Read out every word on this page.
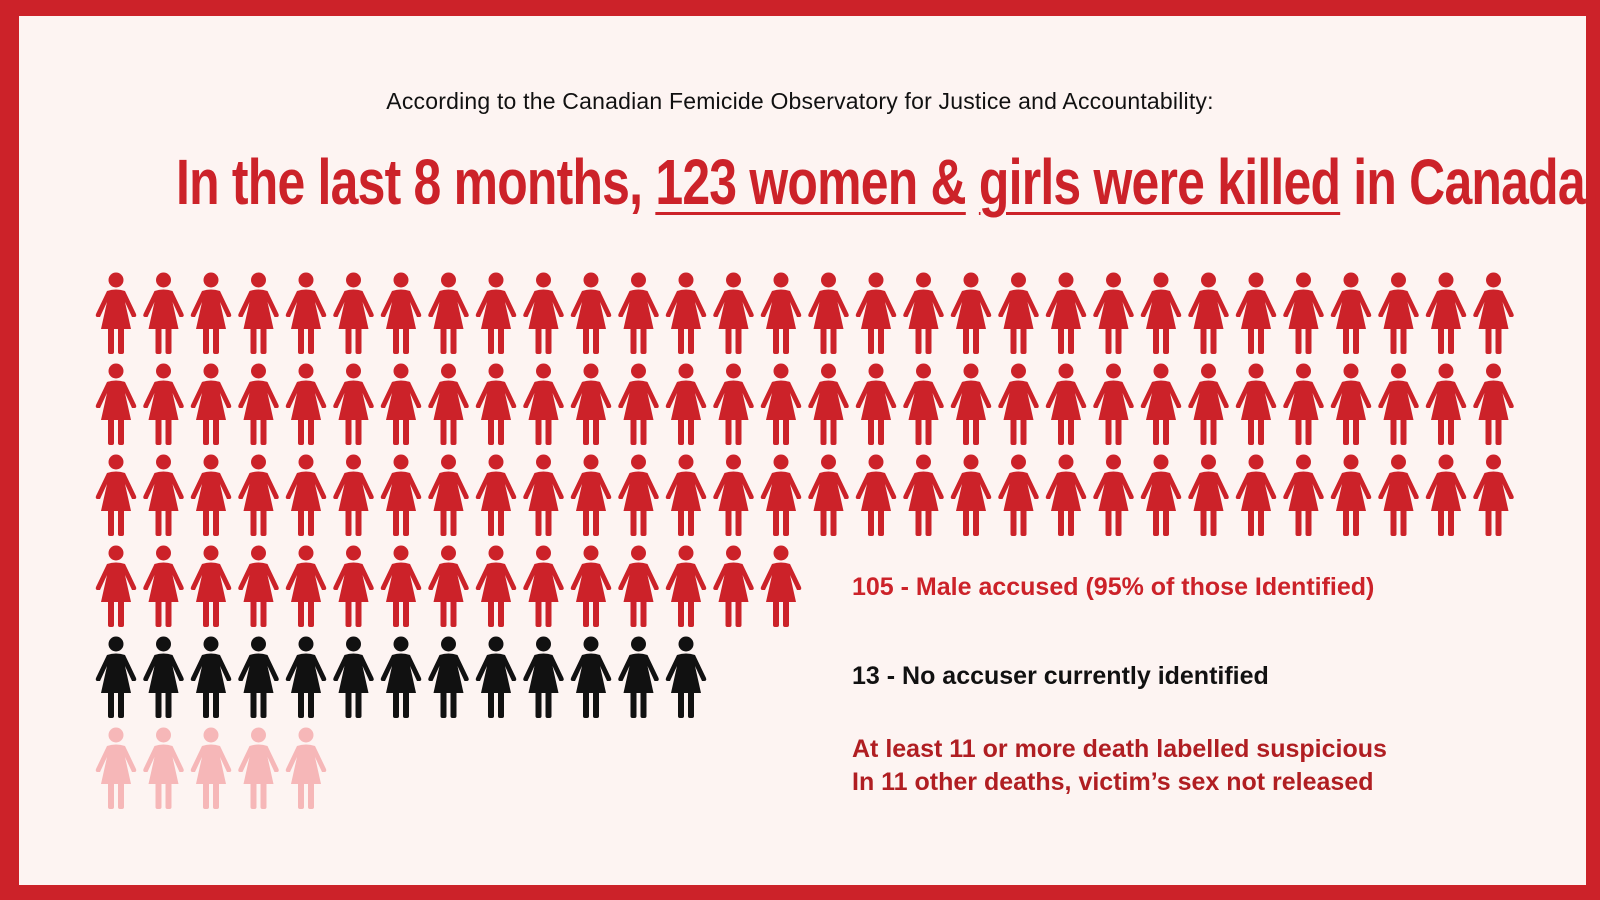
According to the Canadian Femicide Observatory for Justice and Accountability:
In the last 8 months, 123 women & girls were killed in Canada.
105 - Male accused (95% of those Identified)
13 - No accuser currently identified
At least 11 or more death labelled suspicious
In 11 other deaths, victim’s sex not released
